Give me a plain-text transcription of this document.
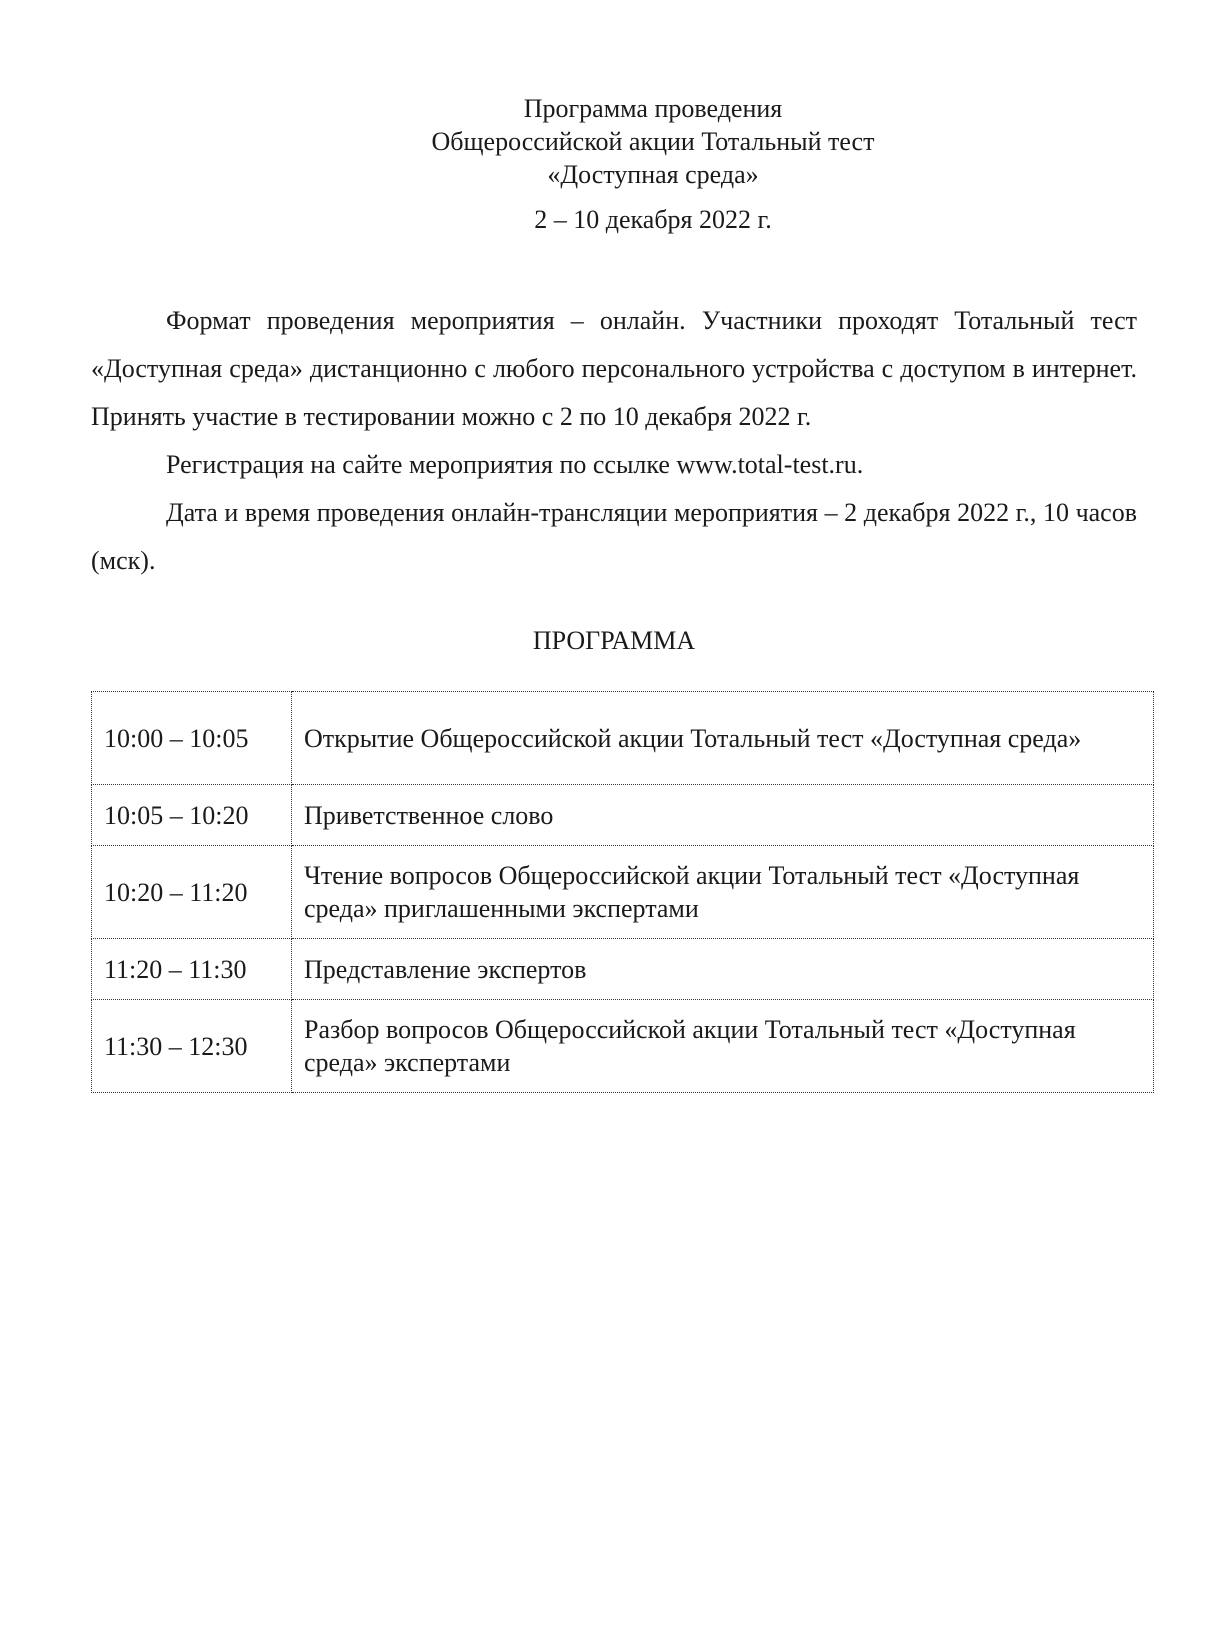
Программа проведения
Общероссийской акции Тотальный тест
«Доступная среда»
2 – 10 декабря 2022 г.

Формат проведения мероприятия – онлайн. Участники проходят Тотальный тест «Доступная среда» дистанционно с любого персонального устройства с доступом в интернет. Принять участие в тестировании можно с 2 по 10 декабря 2022 г.

Регистрация на сайте мероприятия по ссылке www.total-test.ru.

Дата и время проведения онлайн-трансляции мероприятия – 2 декабря 2022 г., 10 часов (мск).

ПРОГРАММА
10:00 – 10:05	Открытие Общероссийской акции Тотальный тест «Доступная среда»
10:05 – 10:20	Приветственное слово
10:20 – 11:20	Чтение вопросов Общероссийской акции Тотальный тест «Доступная среда» приглашенными экспертами
11:20 – 11:30	Представление экспертов
11:30 – 12:30	Разбор вопросов Общероссийской акции Тотальный тест «Доступная среда» экспертами
